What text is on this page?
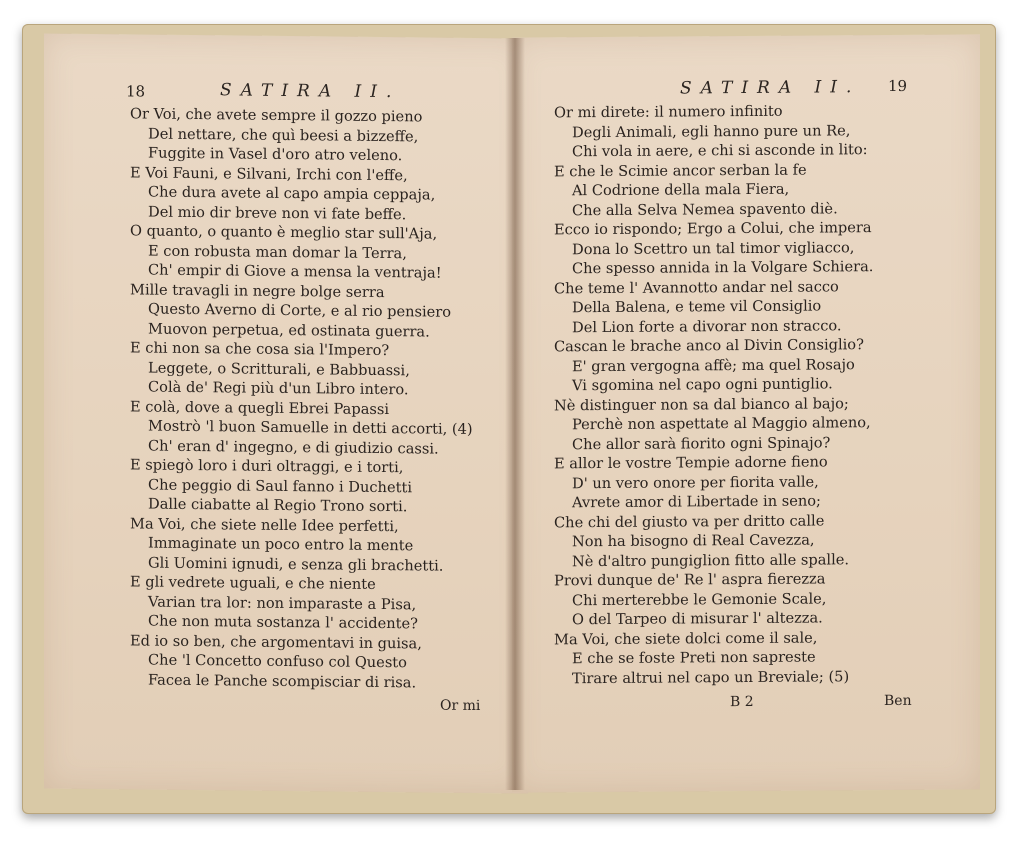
18	SATIRA II.
Or Voi, che avete sempre il gozzo pieno
Del nettare, che quì beesi a bizzeffe,
Fuggite in Vasel d'oro atro veleno.
E Voi Fauni, e Silvani, Irchi con l'effe,
Che dura avete al capo ampia ceppaja,
Del mio dir breve non vi fate beffe.
O quanto, o quanto è meglio star sull'Aja,
E con robusta man domar la Terra,
Ch' empir di Giove a mensa la ventraja!
Mille travagli in negre bolge serra
Questo Averno di Corte, e al rio pensiero
Muovon perpetua, ed ostinata guerra.
E chi non sa che cosa sia l'Impero?
Leggete, o Scritturali, e Babbuassi,
Colà de' Regi più d'un Libro intero.
E colà, dove a quegli Ebrei Papassi
Mostrò 'l buon Samuelle in detti accorti, (4)
Ch' eran d' ingegno, e di giudizio cassi.
E spiegò loro i duri oltraggi, e i torti,
Che peggio di Saul fanno i Duchetti
Dalle ciabatte al Regio Trono sorti.
Ma Voi, che siete nelle Idee perfetti,
Immaginate un poco entro la mente
Gli Uomini ignudi, e senza gli brachetti.
E gli vedrete uguali, e che niente
Varian tra lor: non imparaste a Pisa,
Che non muta sostanza l' accidente?
Ed io so ben, che argomentavi in guisa,
Che 'l Concetto confuso col Questo
Facea le Panche scompisciar di risa.
Or mi
SATIRA II. 19
Or mi direte: il numero infinito
Degli Animali, egli hanno pure un Re,
Chi vola in aere, e chi si asconde in lito:
E che le Scimie ancor serban la fe
Al Codrione della mala Fiera,
Che alla Selva Nemea spavento diè.
Ecco io rispondo; Ergo a Colui, che impera
Dona lo Scettro un tal timor vigliacco,
Che spesso annida in la Volgare Schiera.
Che teme l' Avannotto andar nel sacco
Della Balena, e teme vil Consiglio
Del Lion forte a divorar non stracco.
Cascan le brache anco al Divin Consiglio?
E' gran vergogna affè; ma quel Rosajo
Vi sgomina nel capo ogni puntiglio.
Nè distinguer non sa dal bianco al bajo;
Perchè non aspettate al Maggio almeno,
Che allor sarà fiorito ogni Spinajo?
E allor le vostre Tempie adorne fieno
D' un vero onore per fiorita valle,
Avrete amor di Libertade in seno;
Che chi del giusto va per dritto calle
Non ha bisogno di Real Cavezza,
Nè d'altro pungiglion fitto alle spalle.
Provi dunque de' Re l' aspra fierezza
Chi merterebbe le Gemonie Scale,
O del Tarpeo di misurar l' altezza.
Ma Voi, che siete dolci come il sale,
E che se foste Preti non sapreste
Tirare altrui nel capo un Breviale; (5)
B 2	Ben
